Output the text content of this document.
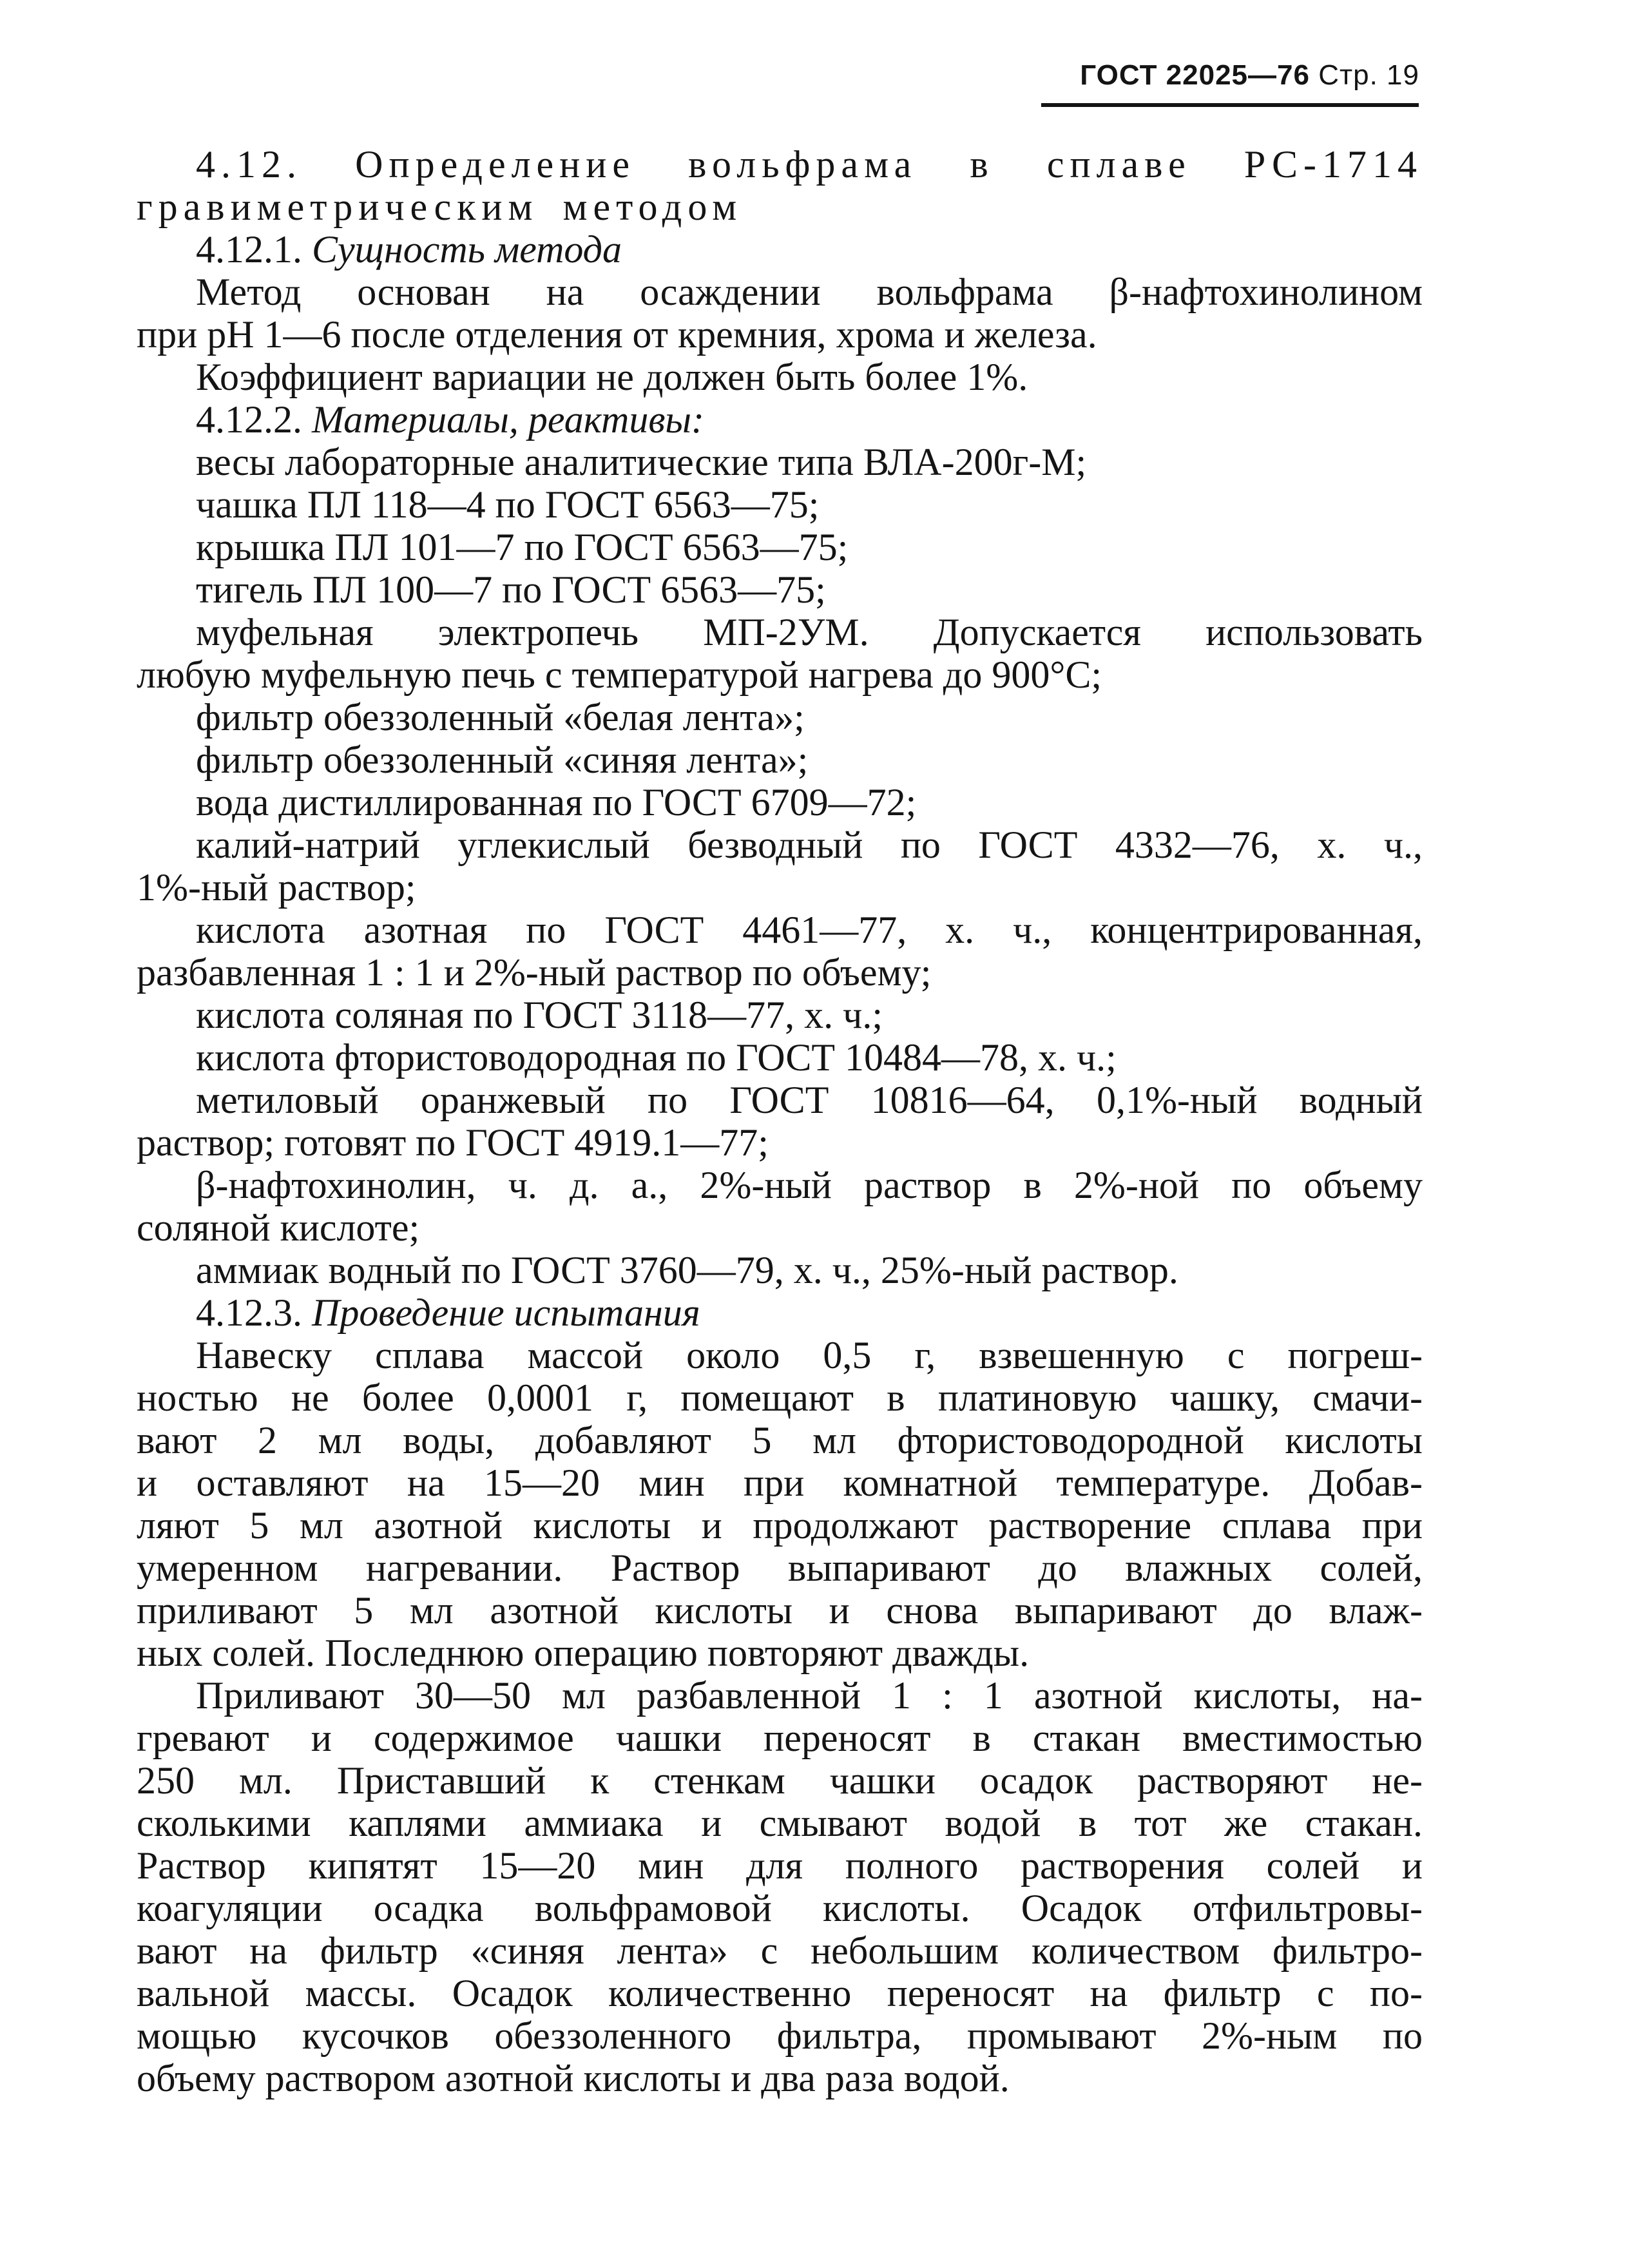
ГОСТ 22025—76 Стр. 19
4.12. Определение вольфрама в сплаве РС-1714
гравиметрическим методом
4.12.1. Сущность метода
Метод основан на осаждении вольфрама β-нафтохинолином
при pH 1—6 после отделения от кремния, хрома и железа.
Коэффициент вариации не должен быть более 1%.
4.12.2. Материалы, реактивы:
весы лабораторные аналитические типа ВЛА-200г-М;
чашка ПЛ 118—4 по ГОСТ 6563—75;
крышка ПЛ 101—7 по ГОСТ 6563—75;
тигель ПЛ 100—7 по ГОСТ 6563—75;
муфельная электропечь МП-2УМ. Допускается использовать
любую муфельную печь с температурой нагрева до 900°С;
фильтр обеззоленный «белая лента»;
фильтр обеззоленный «синяя лента»;
вода дистиллированная по ГОСТ 6709—72;
калий-натрий углекислый безводный по ГОСТ 4332—76, х. ч.,
1%-ный раствор;
кислота азотная по ГОСТ 4461—77, х. ч., концентрированная,
разбавленная 1 : 1 и 2%-ный раствор по объему;
кислота соляная по ГОСТ 3118—77, х. ч.;
кислота фтористоводородная по ГОСТ 10484—78, х. ч.;
метиловый оранжевый по ГОСТ 10816—64, 0,1%-ный водный
раствор; готовят по ГОСТ 4919.1—77;
β-нафтохинолин, ч. д. а., 2%-ный раствор в 2%-ной по объему
соляной кислоте;
аммиак водный по ГОСТ 3760—79, х. ч., 25%-ный раствор.
4.12.3. Проведение испытания
Навеску сплава массой около 0,5 г, взвешенную с погреш-
ностью не более 0,0001 г, помещают в платиновую чашку, смачи-
вают 2 мл воды, добавляют 5 мл фтористоводородной кислоты
и оставляют на 15—20 мин при комнатной температуре. Добав-
ляют 5 мл азотной кислоты и продолжают растворение сплава при
умеренном нагревании. Раствор выпаривают до влажных солей,
приливают 5 мл азотной кислоты и снова выпаривают до влаж-
ных солей. Последнюю операцию повторяют дважды.
Приливают 30—50 мл разбавленной 1 : 1 азотной кислоты, на-
гревают и содержимое чашки переносят в стакан вместимостью
250 мл. Приставший к стенкам чашки осадок растворяют не-
сколькими каплями аммиака и смывают водой в тот же стакан.
Раствор кипятят 15—20 мин для полного растворения солей и
коагуляции осадка вольфрамовой кислоты. Осадок отфильтровы-
вают на фильтр «синяя лента» с небольшим количеством фильтро-
вальной массы. Осадок количественно переносят на фильтр с по-
мощью кусочков обеззоленного фильтра, промывают 2%-ным по
объему раствором азотной кислоты и два раза водой.
